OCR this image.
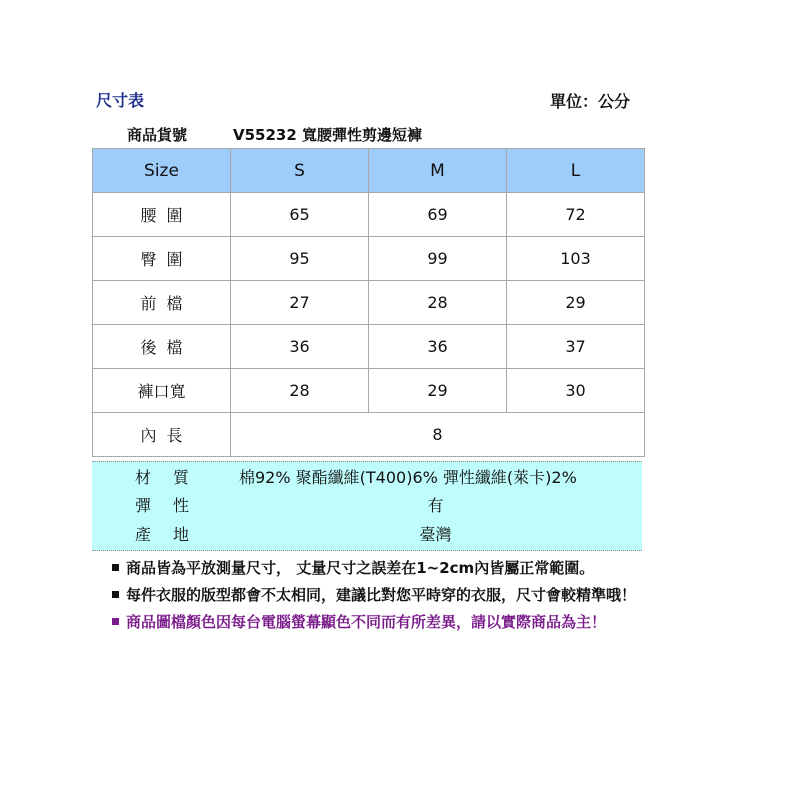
尺寸表	單位：公分
商品貨號	V55232 寬腰彈性剪邊短褲
Size	S	M	L
腰圍	65	69	72
臀圍	95	99	103
前檔	27	28	29
後檔	36	36	37
褲口寬	28	29	30
內長	8		
材質 棉92% 聚酯纖維(T400)6% 彈性纖維(萊卡)2%
彈性	有
產地	臺灣
商品皆為平放測量尺寸， 丈量尺寸之誤差在1~2cm內皆屬正常範圍。
每件衣服的版型都會不太相同，建議比對您平時穿的衣服，尺寸會較精準哦！
商品圖檔顏色因每台電腦螢幕顯色不同而有所差異，請以實際商品為主！
